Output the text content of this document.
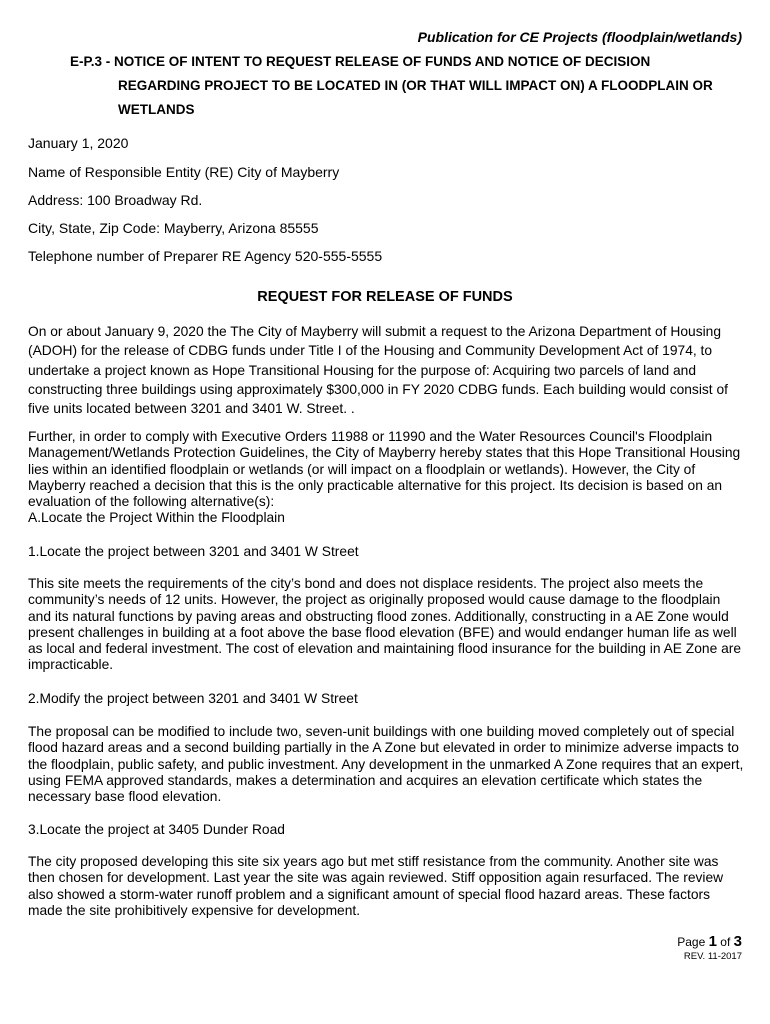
Publication for CE Projects (floodplain/wetlands)
E-P.3 - NOTICE OF INTENT TO REQUEST RELEASE OF FUNDS AND NOTICE OF DECISION
REGARDING PROJECT TO BE LOCATED IN (OR THAT WILL IMPACT ON) A FLOODPLAIN OR
WETLANDS
January 1, 2020
Name of Responsible Entity (RE) City of Mayberry
Address: 100 Broadway Rd.
City, State, Zip Code: Mayberry, Arizona 85555
Telephone number of Preparer RE Agency 520-555-5555
REQUEST FOR RELEASE OF FUNDS
On or about January 9, 2020 the The City of Mayberry will submit a request to the Arizona Department of Housing (ADOH) for the release of CDBG funds under Title I of the Housing and Community Development Act of 1974, to undertake a project known as Hope Transitional Housing for the purpose of: Acquiring two parcels of land and constructing three buildings using approximately $300,000 in FY 2020 CDBG funds. Each building would consist of five units located between 3201 and 3401 W. Street. .
Further, in order to comply with Executive Orders 11988 or 11990 and the Water Resources Council's Floodplain Management/Wetlands Protection Guidelines, the City of Mayberry hereby states that this Hope Transitional Housing lies within an identified floodplain or wetlands (or will impact on a floodplain or wetlands). However, the City of Mayberry reached a decision that this is the only practicable alternative for this project. Its decision is based on an evaluation of the following alternative(s):
A.Locate the Project Within the Floodplain
1.Locate the project between 3201 and 3401 W Street
This site meets the requirements of the city’s bond and does not displace residents. The project also meets the community’s needs of 12 units. However, the project as originally proposed would cause damage to the floodplain and its natural functions by paving areas and obstructing flood zones. Additionally, constructing in a AE Zone would present challenges in building at a foot above the base flood elevation (BFE) and would endanger human life as well as local and federal investment. The cost of elevation and maintaining flood insurance for the building in AE Zone are impracticable.
2.Modify the project between 3201 and 3401 W Street
The proposal can be modified to include two, seven-unit buildings with one building moved completely out of special flood hazard areas and a second building partially in the A Zone but elevated in order to minimize adverse impacts to the floodplain, public safety, and public investment. Any development in the unmarked A Zone requires that an expert, using FEMA approved standards, makes a determination and acquires an elevation certificate which states the necessary base flood elevation.
3.Locate the project at 3405 Dunder Road
The city proposed developing this site six years ago but met stiff resistance from the community. Another site was then chosen for development. Last year the site was again reviewed. Stiff opposition again resurfaced. The review also showed a storm-water runoff problem and a significant amount of special flood hazard areas. These factors made the site prohibitively expensive for development.
Page 1 of 3
REV. 11-2017
